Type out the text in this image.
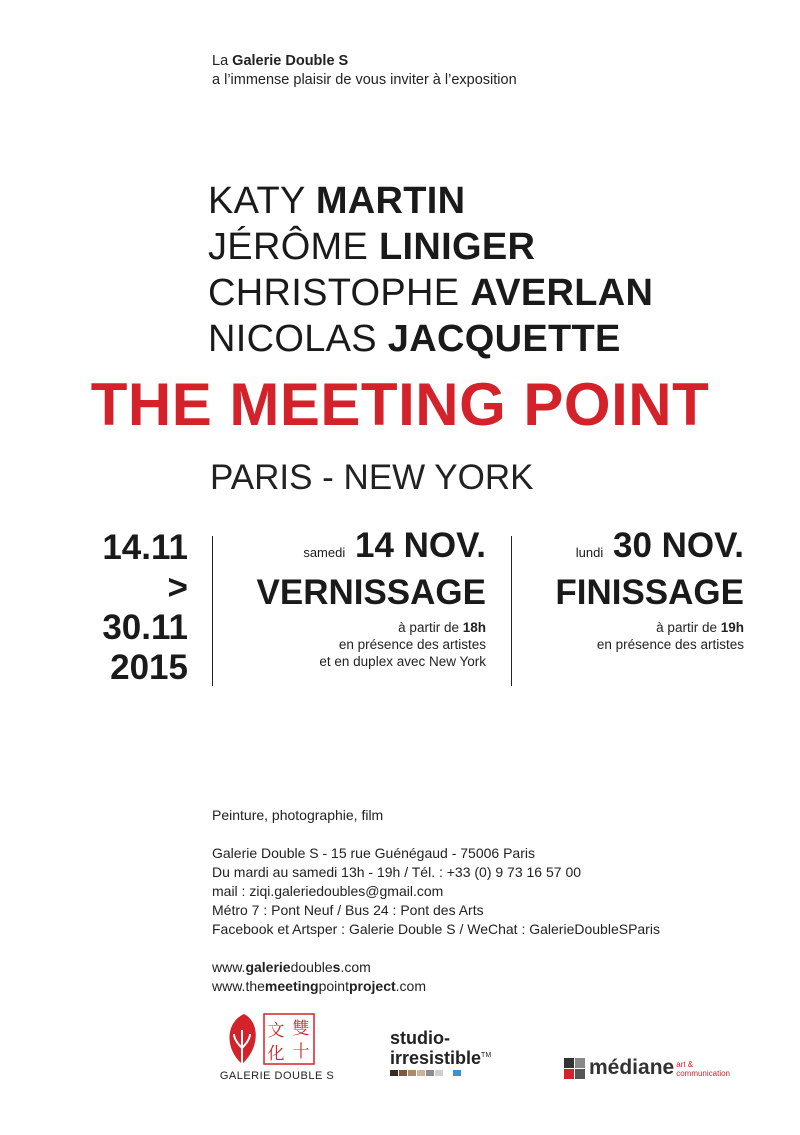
La Galerie Double S
a l’immense plaisir de vous inviter à l’exposition
KATY MARTIN
JÉRÔME LINIGER
CHRISTOPHE AVERLAN
NICOLAS JACQUETTE
THE MEETING POINT
PARIS - NEW YORK
14.11
>
30.11
2015
samedi 14 NOV.
VERNISSAGE
à partir de 18h
en présence des artistes
et en duplex avec New York
lundi 30 NOV.
FINISSAGE
à partir de 19h
en présence des artistes

Peinture, photographie, film

Galerie Double S - 15 rue Guénégaud - 75006 Paris

Du mardi au samedi 13h - 19h / Tél. : +33 (0) 9 73 16 57 00

mail : ziqi.galeriedoubles@gmail.com

Métro 7 : Pont Neuf / Bus 24 : Pont des Arts

Facebook et Artsper : Galerie Double S / WeChat : GalerieDoubleSParis

www.galeriedoubles.com
www.themeetingpointproject.com
文 雙
化 十
GALERIE DOUBLE S
studio-
irresistible™
médiane art &
communication
